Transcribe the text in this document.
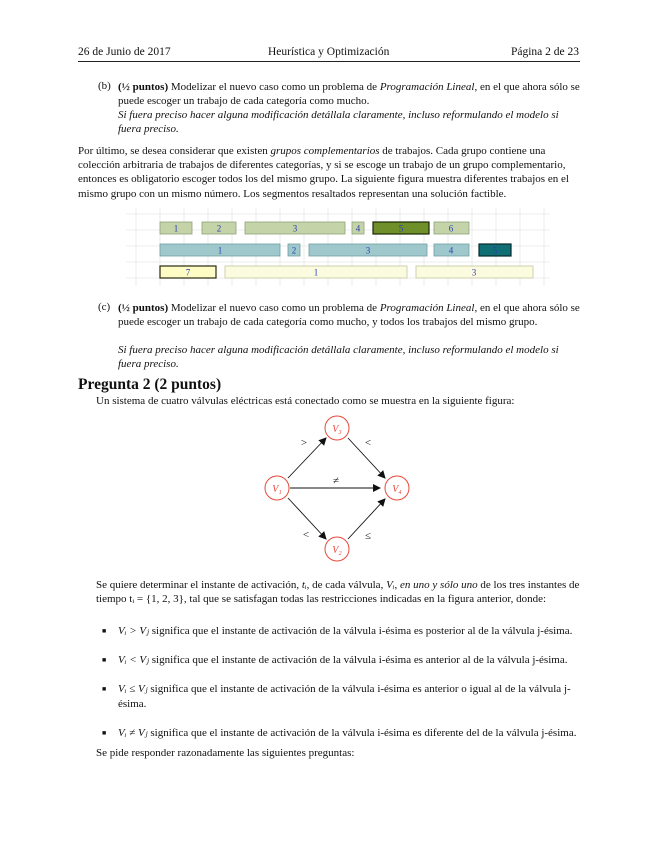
26 de Junio de 2017	Heurística y Optimización	Página 2 de 23
(b) (½ puntos) Modelizar el nuevo caso como un problema de Programación Lineal, en el que ahora sólo se puede escoger un trabajo de cada categoría como mucho.
Si fuera preciso hacer alguna modificación detállala claramente, incluso reformulando el modelo si fuera preciso.
Por último, se desea considerar que existen grupos complementarios de trabajos. Cada grupo contiene una colección arbitraria de trabajos de diferentes categorías, y si se escoge un trabajo de un grupo complementario, entonces es obligatorio escoger todos los del mismo grupo. La siguiente figura muestra diferentes trabajos en el mismo grupo con un mismo número. Los segmentos resaltados representan una solución factible.
1	2	3	4	5	6
1	2	3	4	5
7	1	3
(c) (½ puntos) Modelizar el nuevo caso como un problema de Programación Lineal, en el que ahora sólo se puede escoger un trabajo de cada categoría como mucho, y todos los trabajos del mismo grupo.
Si fuera preciso hacer alguna modificación detállala claramente, incluso reformulando el modelo si fuera preciso.
Pregunta 2 (2 puntos)
Un sistema de cuatro válvulas eléctricas está conectado como se muestra en la siguiente figura:
>	<
≠
<	≤
V₁
V₂
V₃
V₄
Se quiere determinar el instante de activación, tᵢ, de cada válvula, Vᵢ, en uno y sólo uno de los tres instantes de tiempo tᵢ = {1, 2, 3}, tal que se satisfagan todas las restricciones indicadas en la figura anterior, donde:
■ Vᵢ > Vⱼ significa que el instante de activación de la válvula i-ésima es posterior al de la válvula j-ésima.
■ Vᵢ < Vⱼ significa que el instante de activación de la válvula i-ésima es anterior al de la válvula j-ésima.
■ Vᵢ ≤ Vⱼ significa que el instante de activación de la válvula i-ésima es anterior o igual al de la válvula j-ésima.
■ Vᵢ ≠ Vⱼ significa que el instante de activación de la válvula i-ésima es diferente del de la válvula j-ésima.
Se pide responder razonadamente las siguientes preguntas:
